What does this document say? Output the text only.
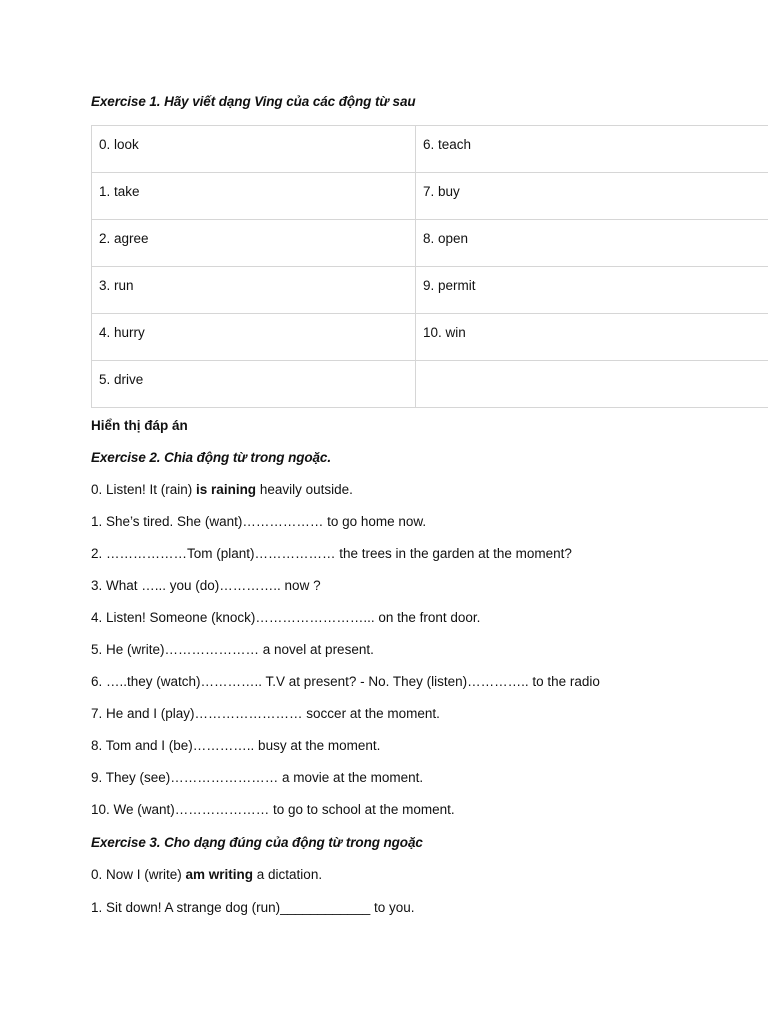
Exercise 1. Hãy viết dạng Ving của các động từ sau
0. look	6. teach
1. take	7. buy
2. agree	8. open
3. run	9. permit
4. hurry	10. win
5. drive	
Hiển thị đáp án
Exercise 2. Chia động từ trong ngoặc.
0. Listen! It (rain) is raining heavily outside.
1. She’s tired. She (want)……………… to go home now.
2. ………………Tom (plant)……………… the trees in the garden at the moment?
3. What …... you (do)………….. now ?
4. Listen! Someone (knock)……………………... on the front door.
5. He (write)………………… a novel at present.
6. …..they (watch)………….. T.V at present? - No. They (listen)………….. to the radio
7. He and I (play)…………………… soccer at the moment.
8. Tom and I (be)………….. busy at the moment.
9. They (see)…………………… a movie at the moment.
10. We (want)………………… to go to school at the moment.
Exercise 3. Cho dạng đúng của động từ trong ngoặc
0. Now I (write) am writing a dictation.
1. Sit down! A strange dog (run)____________ to you.
